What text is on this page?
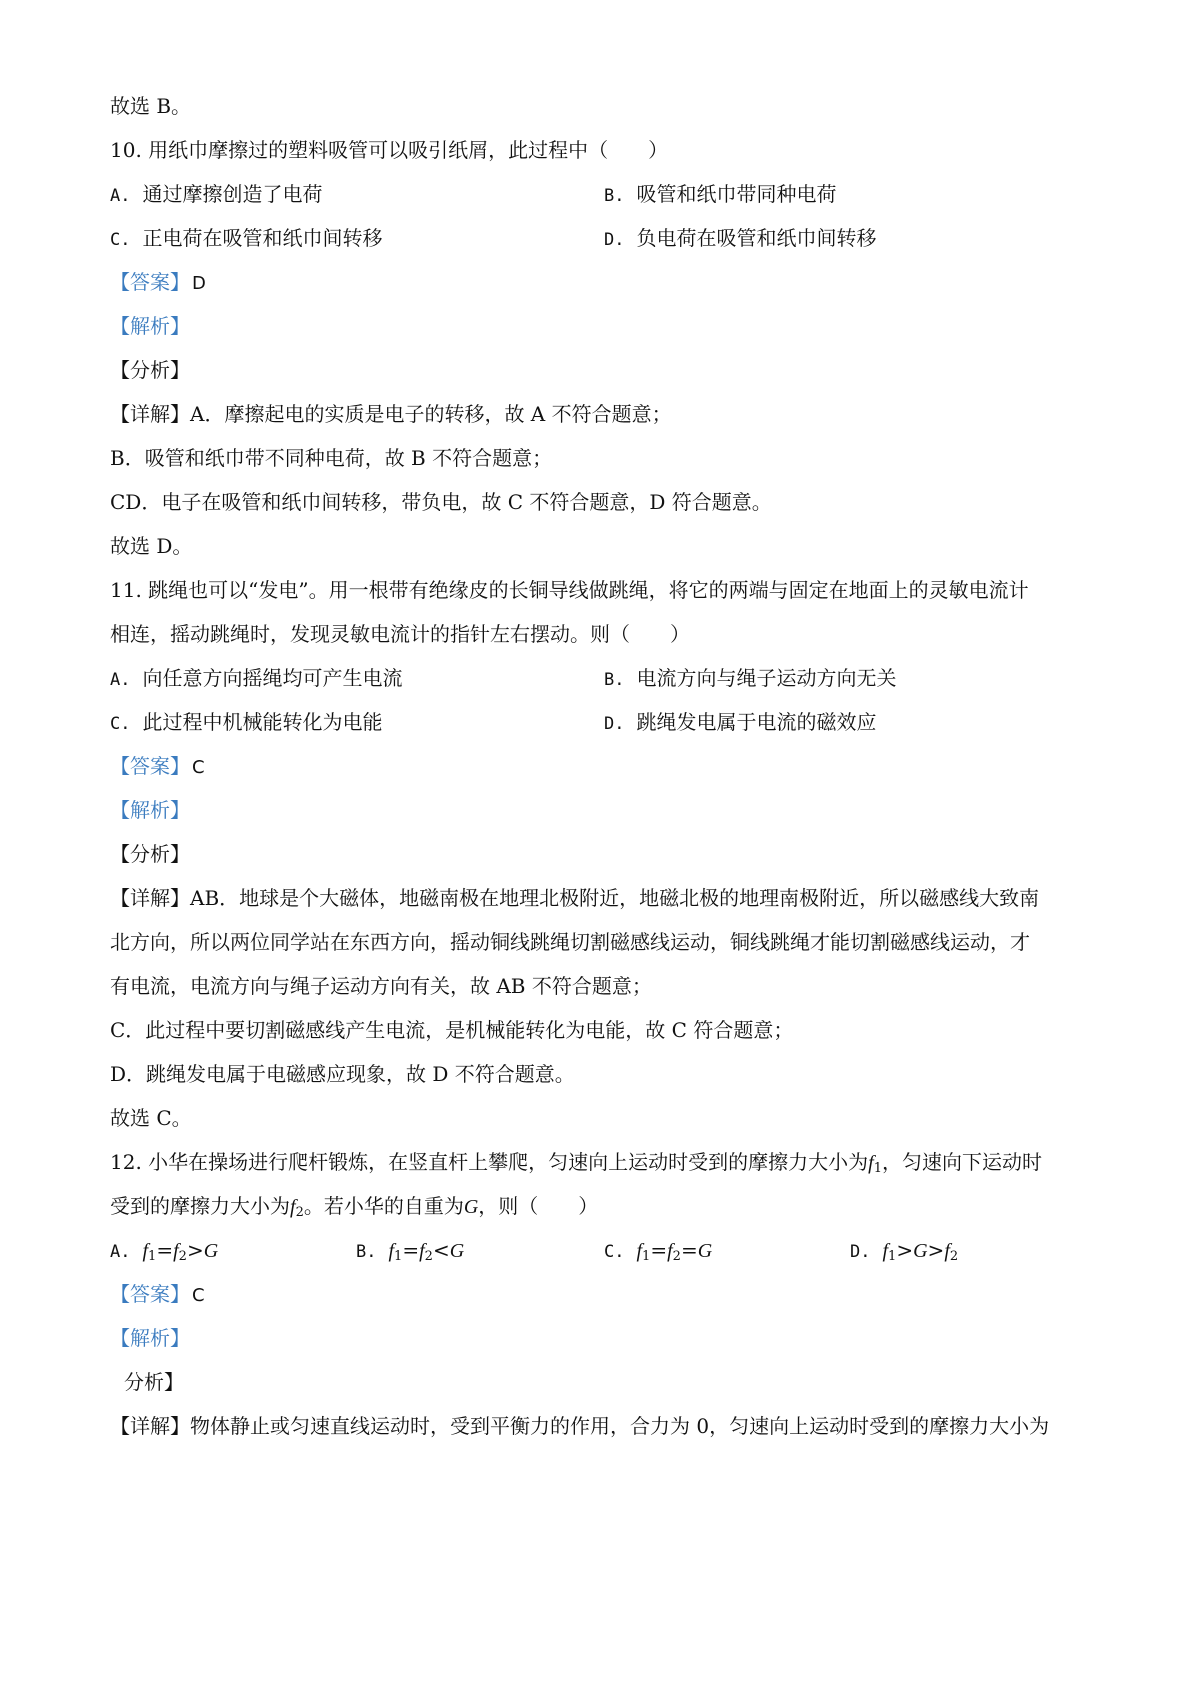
故选 B。
10. 用纸巾摩擦过的塑料吸管可以吸引纸屑，此过程中（　　）
A. 通过摩擦创造了电荷	B. 吸管和纸巾带同种电荷
C. 正电荷在吸管和纸巾间转移	D. 负电荷在吸管和纸巾间转移
【答案】 D
【解析】
【分析】
【详解】A．摩擦起电的实质是电子的转移，故 A 不符合题意；
B．吸管和纸巾带不同种电荷，故 B 不符合题意；
CD．电子在吸管和纸巾间转移，带负电，故 C 不符合题意，D 符合题意。
故选 D。
11. 跳绳也可以“发电”。用一根带有绝缘皮的长铜导线做跳绳，将它的两端与固定在地面上的灵敏电流计
相连，摇动跳绳时，发现灵敏电流计的指针左右摆动。则（　　）
A. 向任意方向摇绳均可产生电流	B. 电流方向与绳子运动方向无关
C. 此过程中机械能转化为电能	D. 跳绳发电属于电流的磁效应
【答案】 C
【解析】
【分析】
【详解】AB．地球是个大磁体，地磁南极在地理北极附近，地磁北极的地理南极附近，所以磁感线大致南
北方向，所以两位同学站在东西方向，摇动铜线跳绳切割磁感线运动，铜线跳绳才能切割磁感线运动，才
有电流，电流方向与绳子运动方向有关，故 AB 不符合题意；
C．此过程中要切割磁感线产生电流，是机械能转化为电能，故 C 符合题意；
D．跳绳发电属于电磁感应现象，故 D 不符合题意。
故选 C。
12. 小华在操场进行爬杆锻炼，在竖直杆上攀爬，匀速向上运动时受到的摩擦力大小为$f_1$，匀速向下运动时
受到的摩擦力大小为$f_2$。若小华的自重为G，则（　　）
A. $f_1=f_2>G$	B. $f_1=f_2<G$	C. $f_1=f_2=G$	D. $f_1>G>f_2$
【答案】 C
【解析】
分析】
【详解】物体静止或匀速直线运动时，受到平衡力的作用，合力为 0，匀速向上运动时受到的摩擦力大小为
